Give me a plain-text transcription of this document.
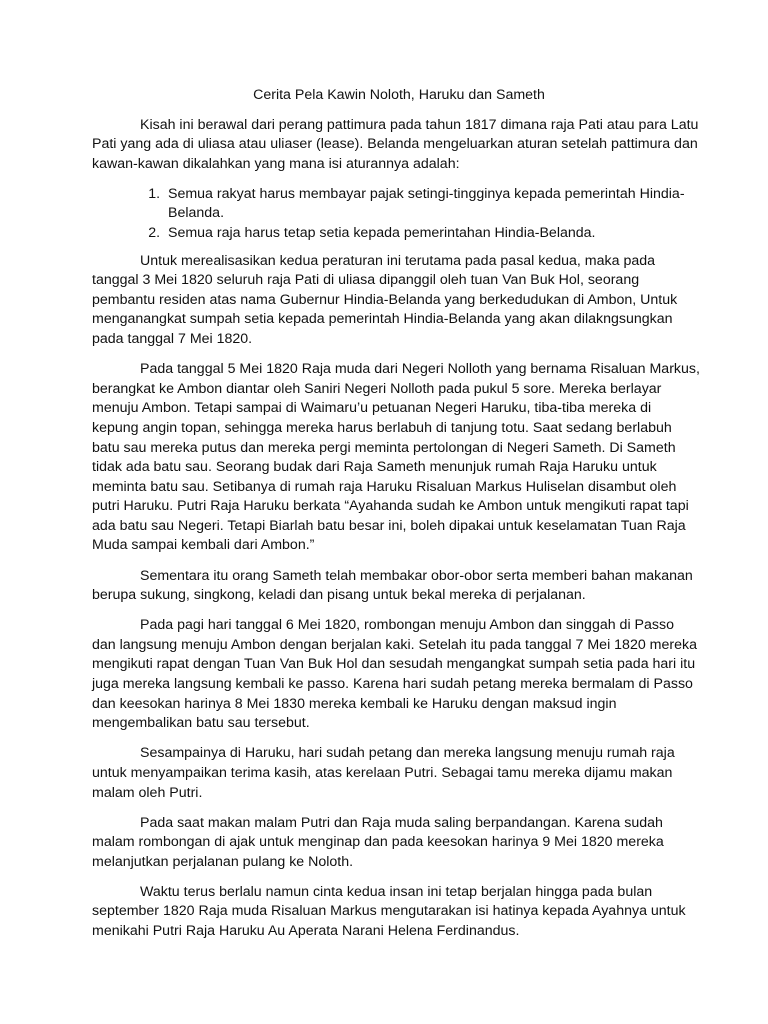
Cerita Pela Kawin Noloth, Haruku dan Sameth

Kisah ini berawal dari perang pattimura pada tahun 1817 dimana raja Pati atau para Latu Pati yang ada di uliasa atau uliaser (lease). Belanda mengeluarkan aturan setelah pattimura dan kawan-kawan dikalahkan yang mana isi aturannya adalah:

1. Semua rakyat harus membayar pajak setingi-tingginya kepada pemerintah Hindia-Belanda.
2. Semua raja harus tetap setia kepada pemerintahan Hindia-Belanda.

Untuk merealisasikan kedua peraturan ini terutama pada pasal kedua, maka pada tanggal 3 Mei 1820 seluruh raja Pati di uliasa dipanggil oleh tuan Van Buk Hol, seorang pembantu residen atas nama Gubernur Hindia-Belanda yang berkedudukan di Ambon, Untuk menganangkat sumpah setia kepada pemerintah Hindia-Belanda yang akan dilakngsungkan pada tanggal 7 Mei 1820.

Pada tanggal 5 Mei 1820 Raja muda dari Negeri Nolloth yang bernama Risaluan Markus, berangkat ke Ambon diantar oleh Saniri Negeri Nolloth pada pukul 5 sore. Mereka berlayar menuju Ambon. Tetapi sampai di Waimaru’u petuanan Negeri Haruku, tiba-tiba mereka di kepung angin topan, sehingga mereka harus berlabuh di tanjung totu. Saat sedang berlabuh batu sau mereka putus dan mereka pergi meminta pertolongan di Negeri Sameth. Di Sameth tidak ada batu sau. Seorang budak dari Raja Sameth menunjuk rumah Raja Haruku untuk meminta batu sau. Setibanya di rumah raja Haruku Risaluan Markus Huliselan disambut oleh putri Haruku. Putri Raja Haruku berkata “Ayahanda sudah ke Ambon untuk mengikuti rapat tapi ada batu sau Negeri. Tetapi Biarlah batu besar ini, boleh dipakai untuk keselamatan Tuan Raja Muda sampai kembali dari Ambon.”

Sementara itu orang Sameth telah membakar obor-obor serta memberi bahan makanan berupa sukung, singkong, keladi dan pisang untuk bekal mereka di perjalanan.

Pada pagi hari tanggal 6 Mei 1820, rombongan menuju Ambon dan singgah di Passo dan langsung menuju Ambon dengan berjalan kaki. Setelah itu pada tanggal 7 Mei 1820 mereka mengikuti rapat dengan Tuan Van Buk Hol dan sesudah mengangkat sumpah setia pada hari itu juga mereka langsung kembali ke passo. Karena hari sudah petang mereka bermalam di Passo dan keesokan harinya 8 Mei 1830 mereka kembali ke Haruku dengan maksud ingin mengembalikan batu sau tersebut.

Sesampainya di Haruku, hari sudah petang dan mereka langsung menuju rumah raja untuk menyampaikan terima kasih, atas kerelaan Putri. Sebagai tamu mereka dijamu makan malam oleh Putri.

Pada saat makan malam Putri dan Raja muda saling berpandangan. Karena sudah malam rombongan di ajak untuk menginap dan pada keesokan harinya 9 Mei 1820 mereka melanjutkan perjalanan pulang ke Noloth.

Waktu terus berlalu namun cinta kedua insan ini tetap berjalan hingga pada bulan september 1820 Raja muda Risaluan Markus mengutarakan isi hatinya kepada Ayahnya untuk menikahi Putri Raja Haruku Au Aperata Narani Helena Ferdinandus.
